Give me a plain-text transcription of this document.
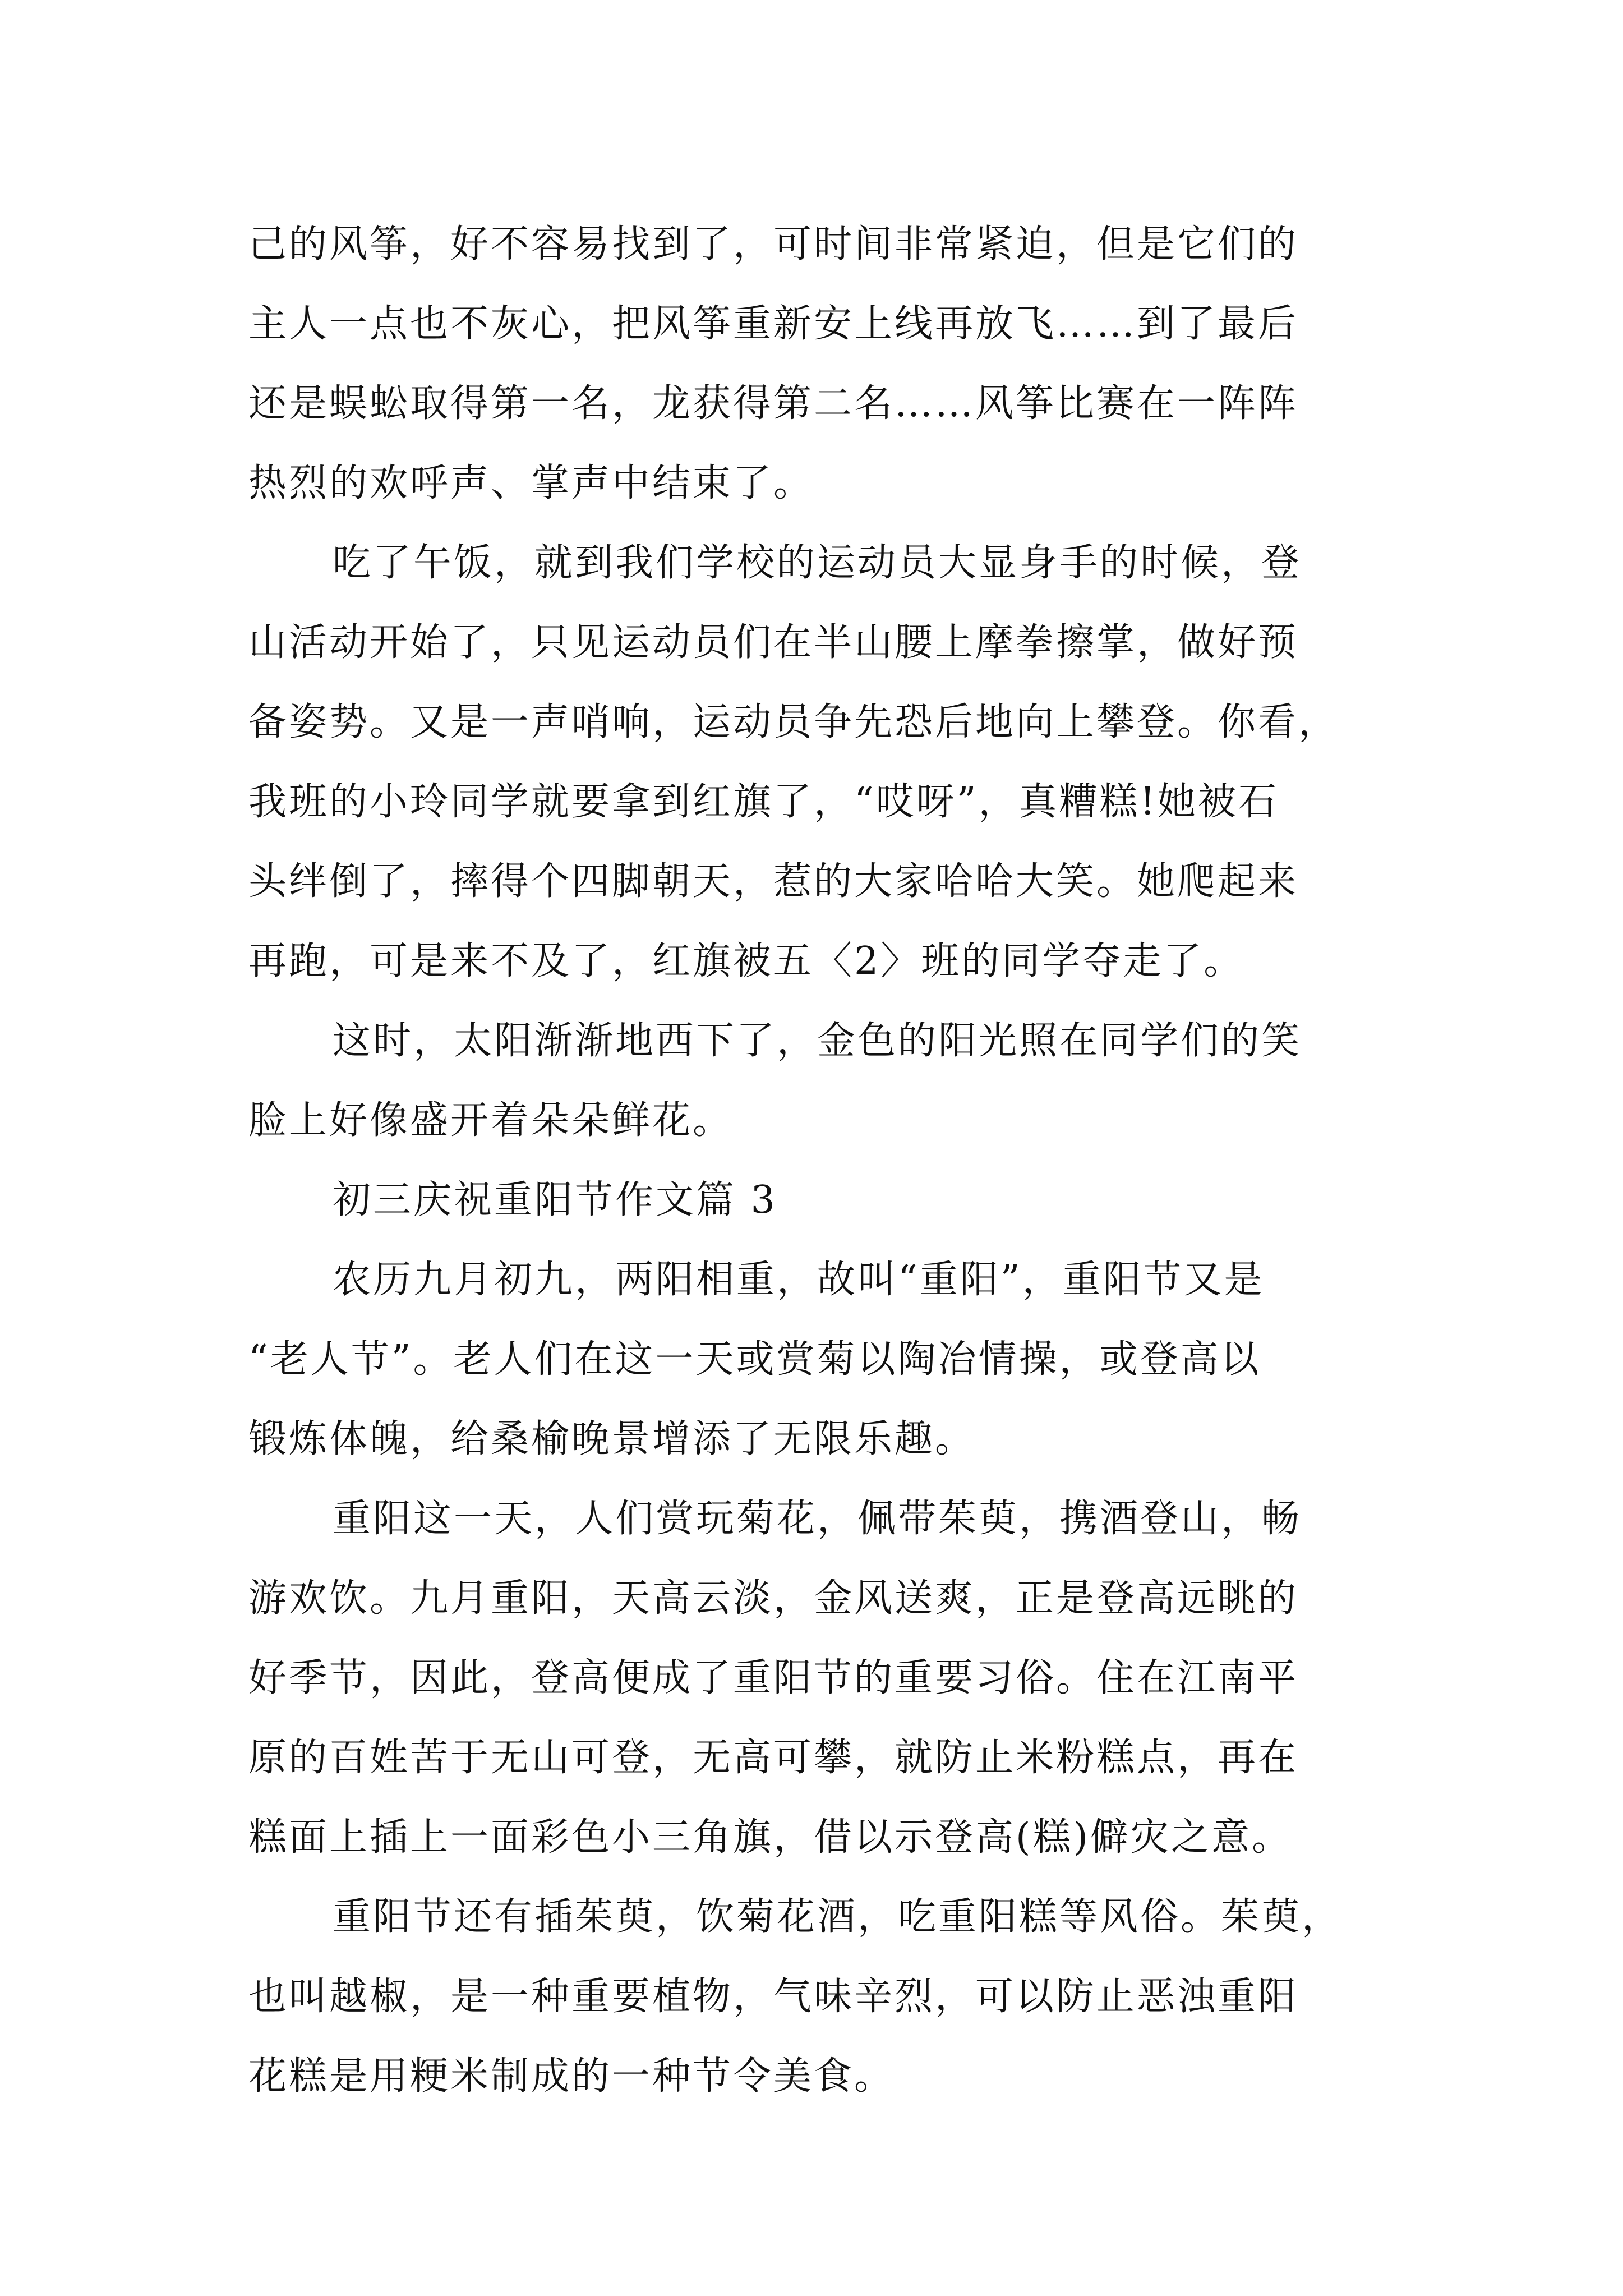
己的风筝，好不容易找到了，可时间非常紧迫，但是它们的
主人一点也不灰心，把风筝重新安上线再放飞……到了最后
还是蜈蚣取得第一名，龙获得第二名……风筝比赛在一阵阵
热烈的欢呼声、掌声中结束了。
吃了午饭，就到我们学校的运动员大显身手的时候，登
山活动开始了，只见运动员们在半山腰上摩拳擦掌，做好预
备姿势。又是一声哨响，运动员争先恐后地向上攀登。你看，
我班的小玲同学就要拿到红旗了，“哎呀”，真糟糕!她被石
头绊倒了，摔得个四脚朝天，惹的大家哈哈大笑。她爬起来
再跑，可是来不及了，红旗被五〈2〉班的同学夺走了。
这时，太阳渐渐地西下了，金色的阳光照在同学们的笑
脸上好像盛开着朵朵鲜花。
初三庆祝重阳节作文篇 3
农历九月初九，两阳相重，故叫“重阳”，重阳节又是
“老人节”。老人们在这一天或赏菊以陶冶情操，或登高以
锻炼体魄，给桑榆晚景增添了无限乐趣。
重阳这一天，人们赏玩菊花，佩带茱萸，携酒登山，畅
游欢饮。九月重阳，天高云淡，金风送爽，正是登高远眺的
好季节，因此，登高便成了重阳节的重要习俗。住在江南平
原的百姓苦于无山可登，无高可攀，就防止米粉糕点，再在
糕面上插上一面彩色小三角旗，借以示登高(糕)僻灾之意。
重阳节还有插茱萸，饮菊花酒，吃重阳糕等风俗。茱萸，
也叫越椒，是一种重要植物，气味辛烈，可以防止恶浊重阳
花糕是用粳米制成的一种节令美食。
